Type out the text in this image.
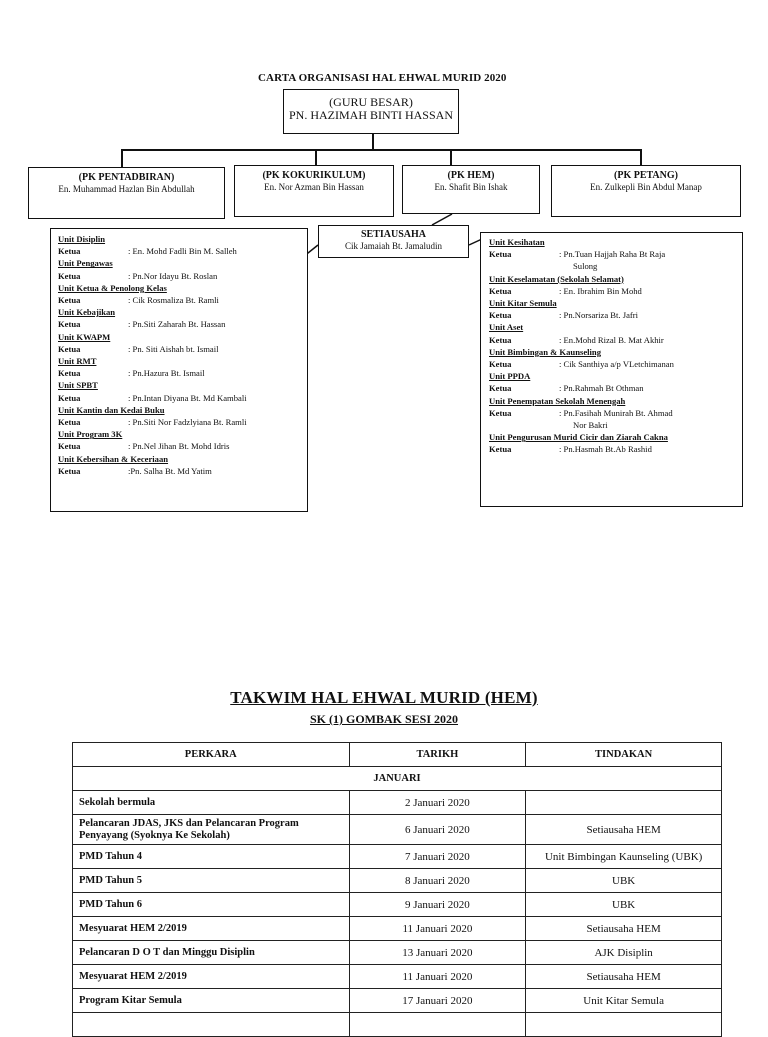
CARTA ORGANISASI HAL EHWAL MURID 2020
(GURU BESAR)
PN. HAZIMAH BINTI HASSAN
(PK PENTADBIRAN)
En. Muhammad Hazlan Bin Abdullah
(PK KOKURIKULUM)
En. Nor Azman Bin Hassan
(PK HEM)
En. Shafit Bin Ishak
(PK PETANG)
En. Zulkepli Bin Abdul Manap
SETIAUSAHA
Cik Jamaiah Bt. Jamaludin
Unit Disiplin
Ketua	: En. Mohd Fadli Bin M. Salleh
Unit Pengawas
Ketua	: Pn.Nor Idayu Bt. Roslan
Unit Ketua & Penolong Kelas
Ketua	: Cik Rosmaliza Bt. Ramli
Unit Kebajikan
Ketua	: Pn.Siti Zaharah Bt. Hassan
Unit KWAPM
Ketua	: Pn. Siti Aishah bt. Ismail
Unit RMT
Ketua	: Pn.Hazura Bt. Ismail
Unit SPBT
Ketua	: Pn.Intan Diyana Bt. Md Kambali
Unit Kantin dan Kedai Buku
Ketua	: Pn.Siti Nor Fadzlyiana Bt. Ramli
Unit Program 3K
Ketua	: Pn.Nel Jihan Bt. Mohd Idris
Unit Kebersihan & Keceriaan
Ketua	:Pn. Salha Bt. Md Yatim
Unit Kesihatan
Ketua	: Pn.Tuan Hajjah Raha Bt Raja
Sulong
Unit Keselamatan (Sekolah Selamat)
Ketua	: En. Ibrahim Bin Mohd
Unit Kitar Semula
Ketua	: Pn.Norsariza Bt. Jafri
Unit Aset
Ketua	: En.Mohd Rizal B. Mat Akhir
Unit Bimbingan & Kaunseling
Ketua	: Cik Santhiya a/p VLetchimanan
Unit PPDA
Ketua	: Pn.Rahmah Bt Othman
Unit Penempatan Sekolah Menengah
Ketua	: Pn.Fasihah Munirah Bt. Ahmad
Nor Bakri
Unit Pengurusan Murid Cicir dan Ziarah Cakna
Ketua	: Pn.Hasmah Bt.Ab Rashid
TAKWIM HAL EHWAL MURID (HEM)
SK (1) GOMBAK SESI 2020
PERKARA	TARIKH	TINDAKAN
JANUARI		
Sekolah bermula	2 Januari 2020	
Pelancaran JDAS, JKS dan Pelancaran Program Penyayang (Syoknya Ke Sekolah)	6 Januari 2020	Setiausaha HEM
PMD Tahun 4	7 Januari 2020	Unit Bimbingan Kaunseling (UBK)
PMD Tahun 5	8 Januari 2020	UBK
PMD Tahun 6	9 Januari 2020	UBK
Mesyuarat HEM 2/2019	11 Januari 2020	Setiausaha HEM
Pelancaran D O T dan Minggu Disiplin	13 Januari 2020	AJK Disiplin
Mesyuarat HEM 2/2019	11 Januari 2020	Setiausaha HEM
Program Kitar Semula	17 Januari 2020	Unit Kitar Semula
